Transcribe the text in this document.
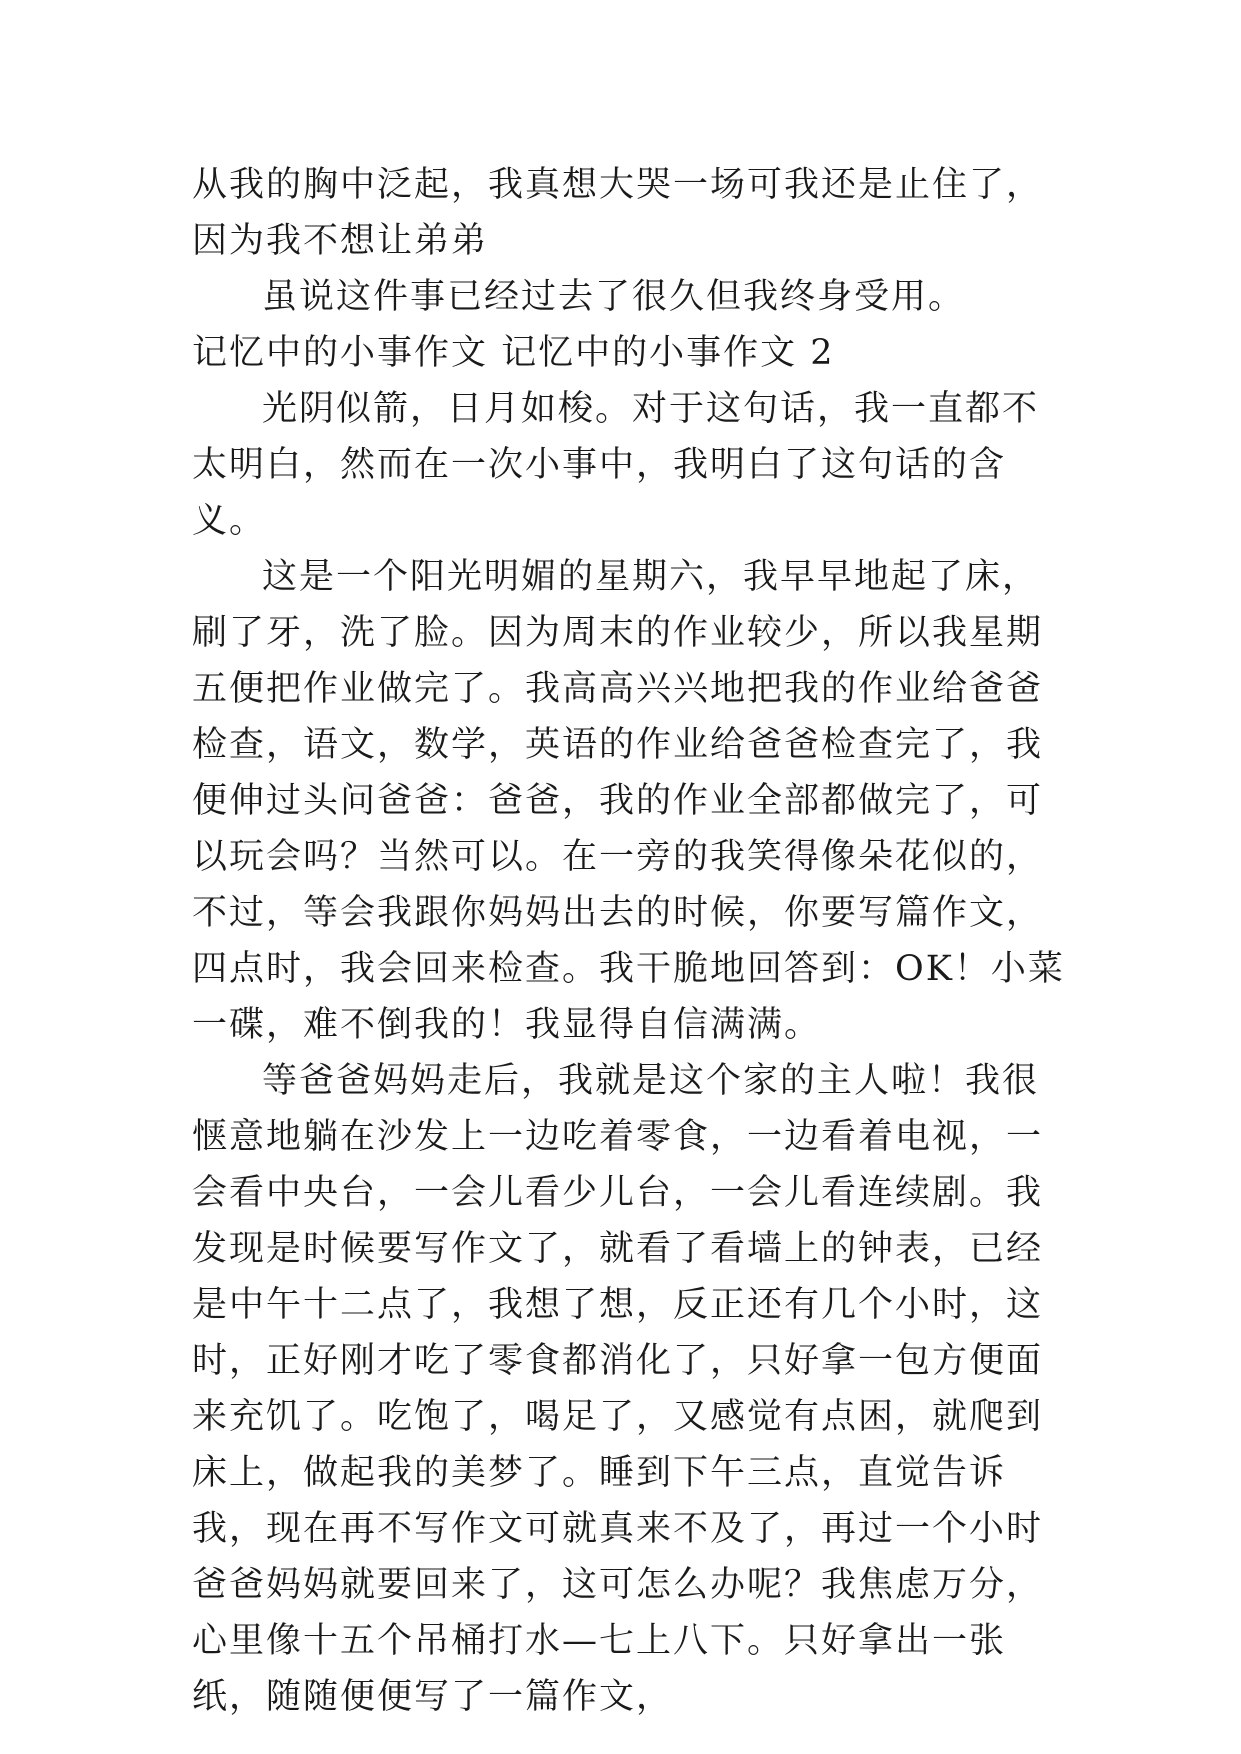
从我的胸中泛起，我真想大哭一场可我还是止住了，因为我不想让弟弟

虽说这件事已经过去了很久但我终身受用。

记忆中的小事作文 记忆中的小事作文 2

光阴似箭，日月如梭。对于这句话，我一直都不太明白，然而在一次小事中，我明白了这句话的含义。

这是一个阳光明媚的星期六，我早早地起了床，刷了牙，洗了脸。因为周末的作业较少，所以我星期五便把作业做完了。我高高兴兴地把我的作业给爸爸检查，语文，数学，英语的作业给爸爸检查完了，我便伸过头问爸爸：爸爸，我的作业全部都做完了，可以玩会吗？当然可以。在一旁的我笑得像朵花似的，不过，等会我跟你妈妈出去的时候，你要写篇作文，四点时，我会回来检查。我干脆地回答到：OK！小菜一碟，难不倒我的！我显得自信满满。

等爸爸妈妈走后，我就是这个家的主人啦！我很惬意地躺在沙发上一边吃着零食，一边看着电视，一会看中央台，一会儿看少儿台，一会儿看连续剧。我发现是时候要写作文了，就看了看墙上的钟表，已经是中午十二点了，我想了想，反正还有几个小时，这时，正好刚才吃了零食都消化了，只好拿一包方便面来充饥了。吃饱了，喝足了，又感觉有点困，就爬到床上，做起我的美梦了。睡到下午三点，直觉告诉我，现在再不写作文可就真来不及了，再过一个小时爸爸妈妈就要回来了，这可怎么办呢？我焦虑万分，心里像十五个吊桶打水—七上八下。只好拿出一张纸，随随便便写了一篇作文，
